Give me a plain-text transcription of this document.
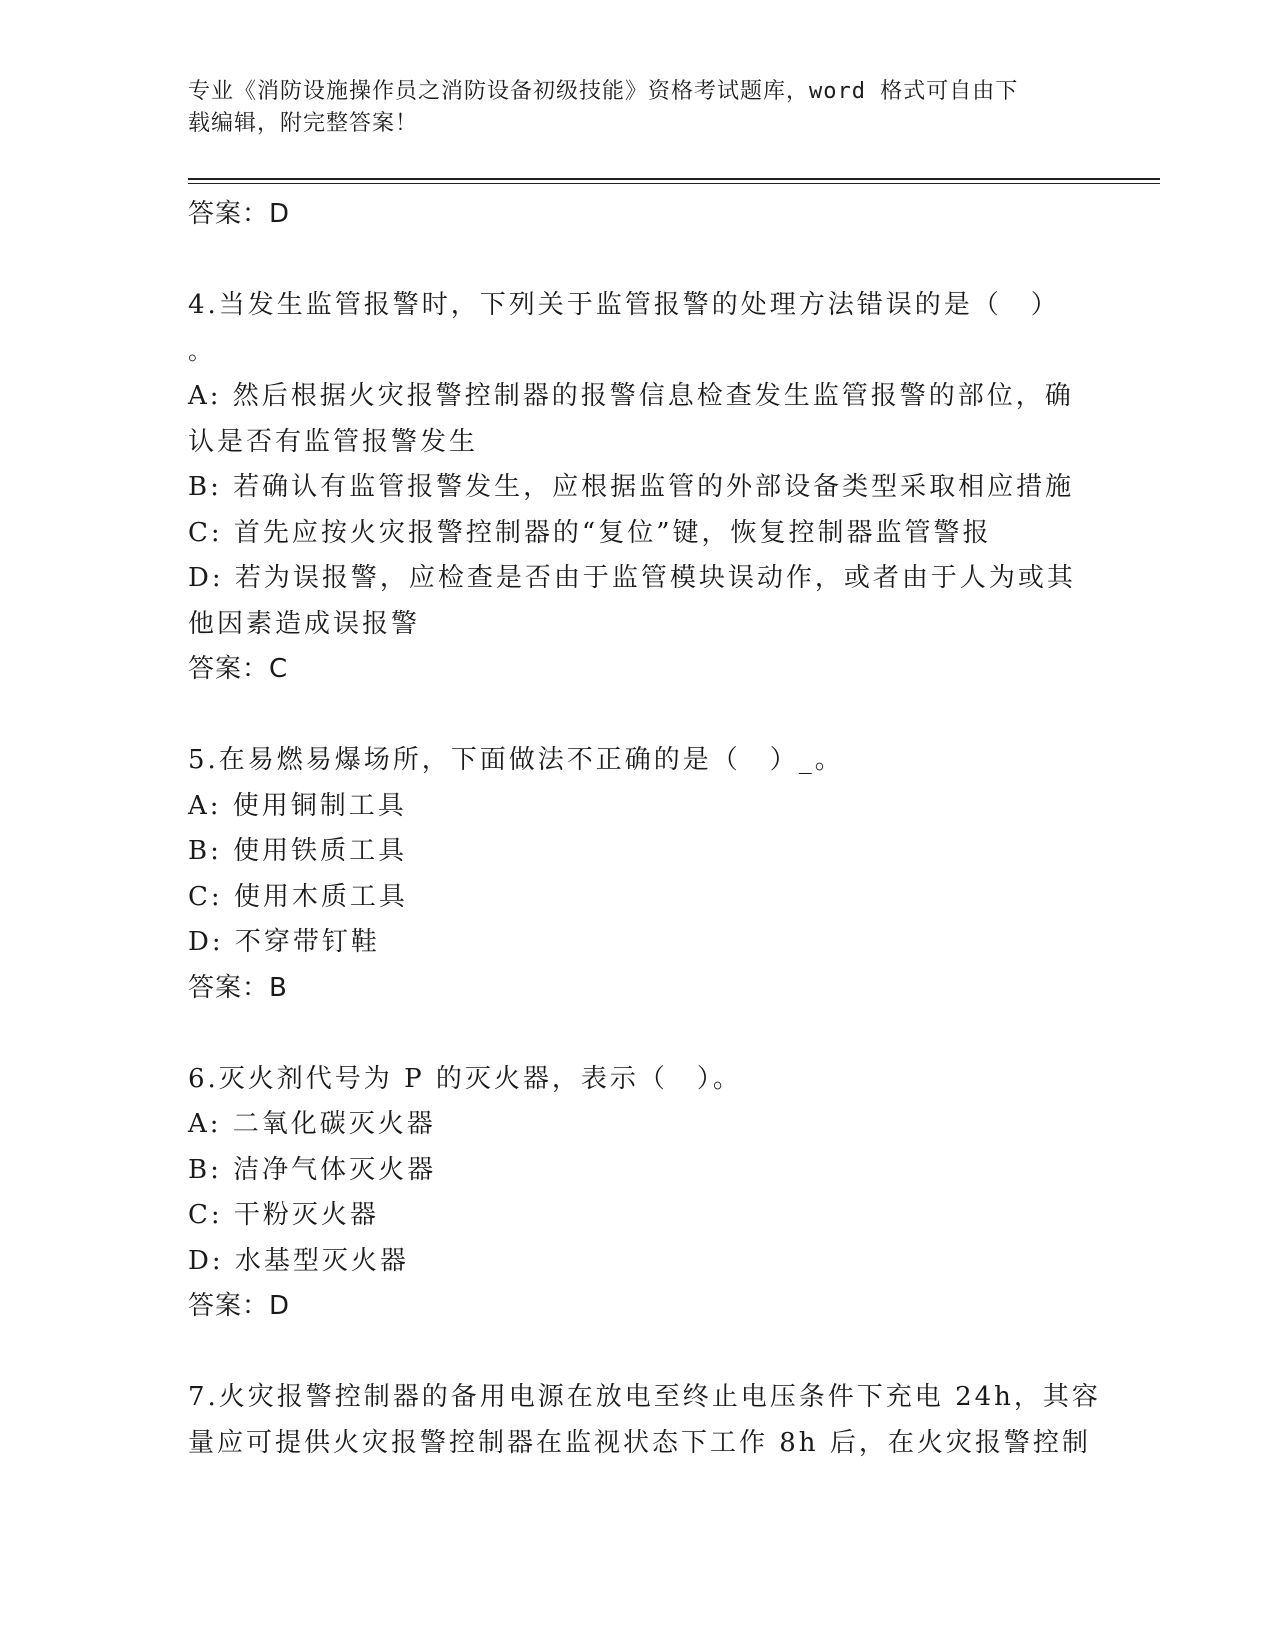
专业《消防设施操作员之消防设备初级技能》资格考试题库，word 格式可自由下
载编辑，附完整答案！
答案：D
4.当发生监管报警时，下列关于监管报警的处理方法错误的是（　）
。
A: 然后根据火灾报警控制器的报警信息检查发生监管报警的部位，确
认是否有监管报警发生
B: 若确认有监管报警发生，应根据监管的外部设备类型采取相应措施
C: 首先应按火灾报警控制器的“复位”键，恢复控制器监管警报
D: 若为误报警，应检查是否由于监管模块误动作，或者由于人为或其
他因素造成误报警
答案：C
5.在易燃易爆场所，下面做法不正确的是（　）_。
A: 使用铜制工具
B: 使用铁质工具
C: 使用木质工具
D: 不穿带钉鞋
答案：B
6.灭火剂代号为 P 的灭火器，表示（　）。
A: 二氧化碳灭火器
B: 洁净气体灭火器
C: 干粉灭火器
D: 水基型灭火器
答案：D
7.火灾报警控制器的备用电源在放电至终止电压条件下充电 24h，其容
量应可提供火灾报警控制器在监视状态下工作 8h 后，在火灾报警控制
